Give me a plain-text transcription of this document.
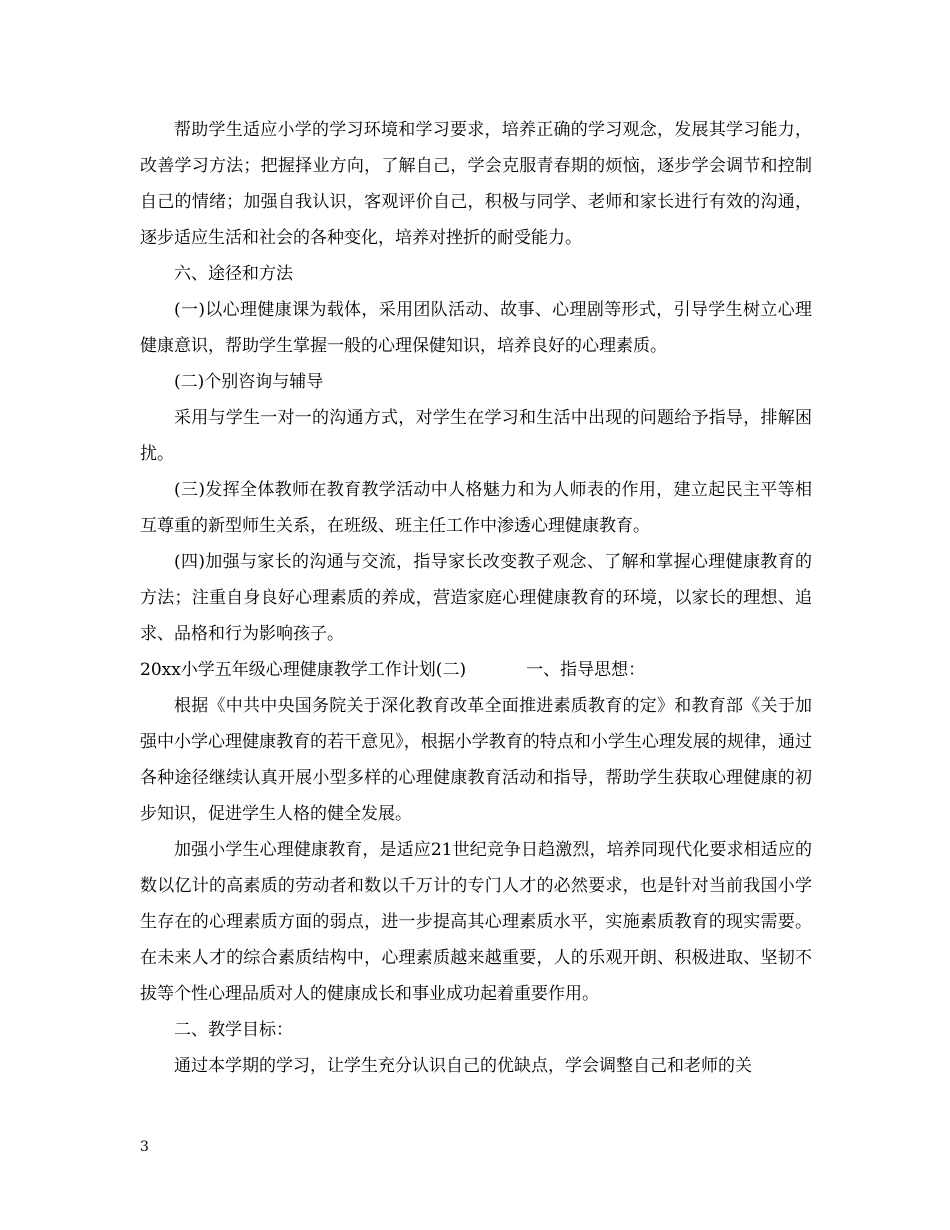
帮助学生适应小学的学习环境和学习要求，培养正确的学习观念，发展其学习能力，改善学习方法；把握择业方向，了解自己，学会克服青春期的烦恼，逐步学会调节和控制自己的情绪；加强自我认识，客观评价自己，积极与同学、老师和家长进行有效的沟通，逐步适应生活和社会的各种变化，培养对挫折的耐受能力。

六、途径和方法

(一)以心理健康课为载体，采用团队活动、故事、心理剧等形式，引导学生树立心理健康意识，帮助学生掌握一般的心理保健知识，培养良好的心理素质。

(二)个别咨询与辅导

采用与学生一对一的沟通方式，对学生在学习和生活中出现的问题给予指导，排解困扰。

(三)发挥全体教师在教育教学活动中人格魅力和为人师表的作用，建立起民主平等相互尊重的新型师生关系，在班级、班主任工作中渗透心理健康教育。

(四)加强与家长的沟通与交流，指导家长改变教子观念、了解和掌握心理健康教育的方法；注重自身良好心理素质的养成，营造家庭心理健康教育的环境，以家长的理想、追求、品格和行为影响孩子。

20xx小学五年级心理健康教学工作计划(二)	一、指导思想：

根据《中共中央国务院关于深化教育改革全面推进素质教育的定》和教育部《关于加强中小学心理健康教育的若干意见》，根据小学教育的特点和小学生心理发展的规律，通过各种途径继续认真开展小型多样的心理健康教育活动和指导，帮助学生获取心理健康的初步知识，促进学生人格的健全发展。

加强小学生心理健康教育，是适应21世纪竞争日趋激烈，培养同现代化要求相适应的数以亿计的高素质的劳动者和数以千万计的专门人才的必然要求，也是针对当前我国小学生存在的心理素质方面的弱点，进一步提高其心理素质水平，实施素质教育的现实需要。在未来人才的综合素质结构中，心理素质越来越重要，人的乐观开朗、积极进取、坚韧不拔等个性心理品质对人的健康成长和事业成功起着重要作用。

二、教学目标：

通过本学期的学习，让学生充分认识自己的优缺点，学会调整自己和老师的关

3
